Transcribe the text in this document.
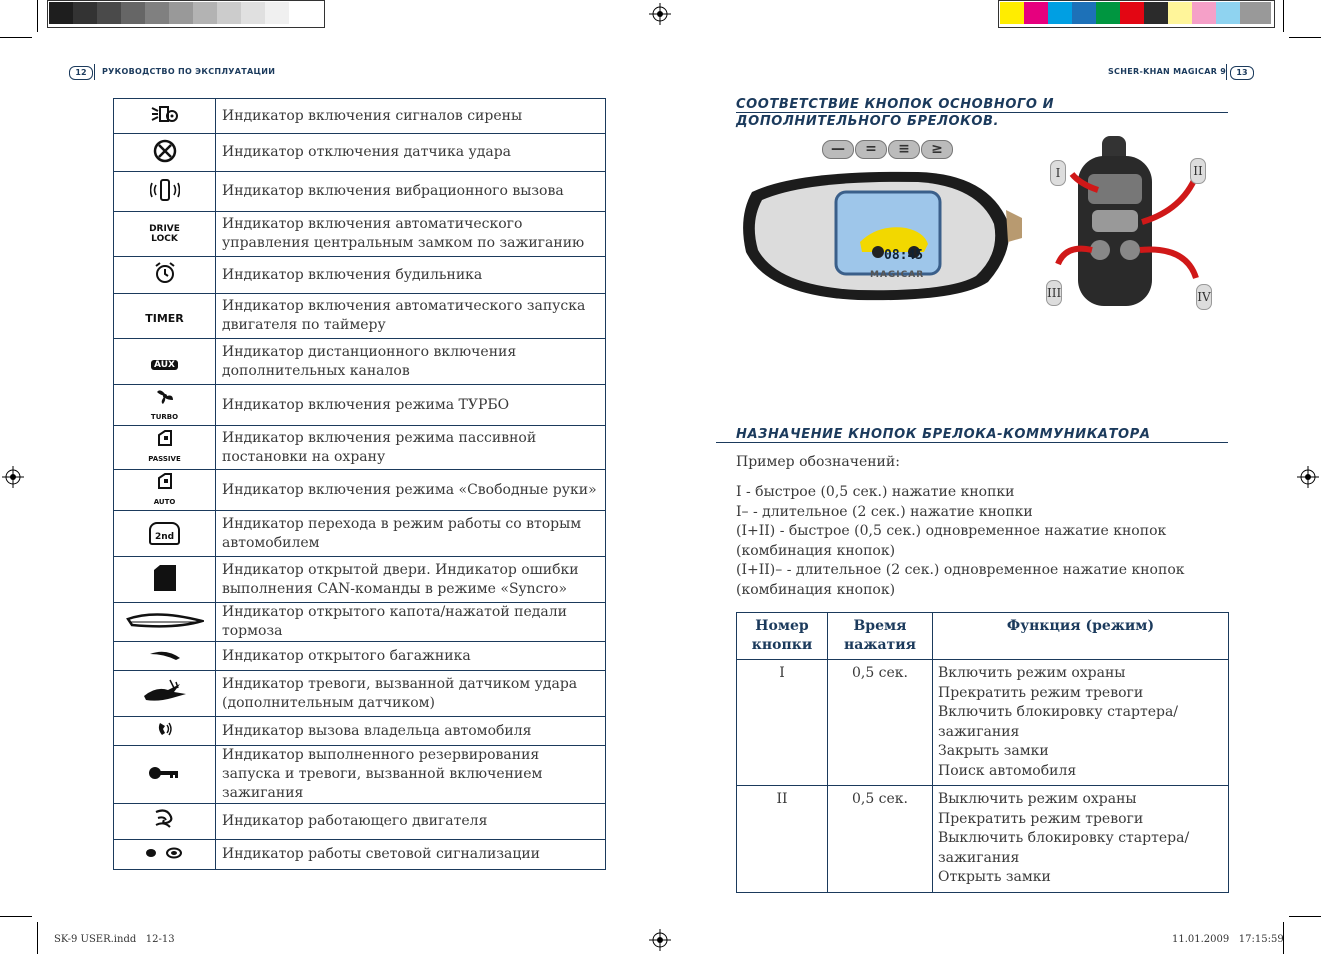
12	РУКОВОДСТВО ПО ЭКСПЛУАТАЦИИ	SCHER-KHAN MAGICAR 9	13
	Индикатор включения сигналов сирены
	Индикатор отключения датчика удара
	Индикатор включения вибрационного вызова
DRIVE LOCK	Индикатор включения автоматического управления центральным замком по зажиганию
	Индикатор включения будильника
TIMER	Индикатор включения автоматического запуска двигателя по таймеру
AUX	Индикатор дистанционного включения дополнительных каналов

TURBO	Индикатор включения режима ТУРБО

PASSIVE	Индикатор включения режима пассивной постановки на охрану

AUTO	Индикатор включения режима «Свободные руки»
2nd	Индикатор перехода в режим работы со вторым автомобилем
	Индикатор открытой двери. Индикатор ошибки выполнения CAN-команды в режиме «Syncro»
	Индикатор открытого капота/нажатой педали тормоза
	Индикатор открытого багажника
	Индикатор тревоги, вызванной датчиком удара (дополнительным датчиком)
	Индикатор вызова владельца автомобиля
	Индикатор выполненного резервирования запуска и тревоги, вызванной включением зажигания
	Индикатор работающего двигателя
	Индикатор работы световой сигнализации
СООТВЕТСТВИЕ КНОПОК ОСНОВНОГО И
ДОПОЛНИТЕЛЬНОГО БРЕЛОКОВ.
—	=	≡	≥
08:45
MAGICAR
I	II
III	IV
НАЗНАЧЕНИЕ КНОПОК БРЕЛОКА-КОММУНИКАТОРА
Пример обозначений:
I - быстрое (0,5 сек.) нажатие кнопки
I– - длительное (2 сек.) нажатие кнопки
(I+II) - быстрое (0,5 сек.) одновременное нажатие кнопок
(комбинация кнопок)
(I+II)– - длительное (2 сек.) одновременное нажатие кнопок
(комбинация кнопок)
Номер кнопки	Время нажатия	Функция (режим)
I	0,5 сек.	Включить режим охраны
Прекратить режим тревоги
Включить блокировку стартера/зажигания
Закрыть замки
Поиск автомобиля

II	0,5 сек.	Выключить режим охраны
Прекратить режим тревоги
Выключить блокировку стартера/зажигания
Открыть замки
SK-9 USER.indd   12-13	11.01.2009   17:15:59
